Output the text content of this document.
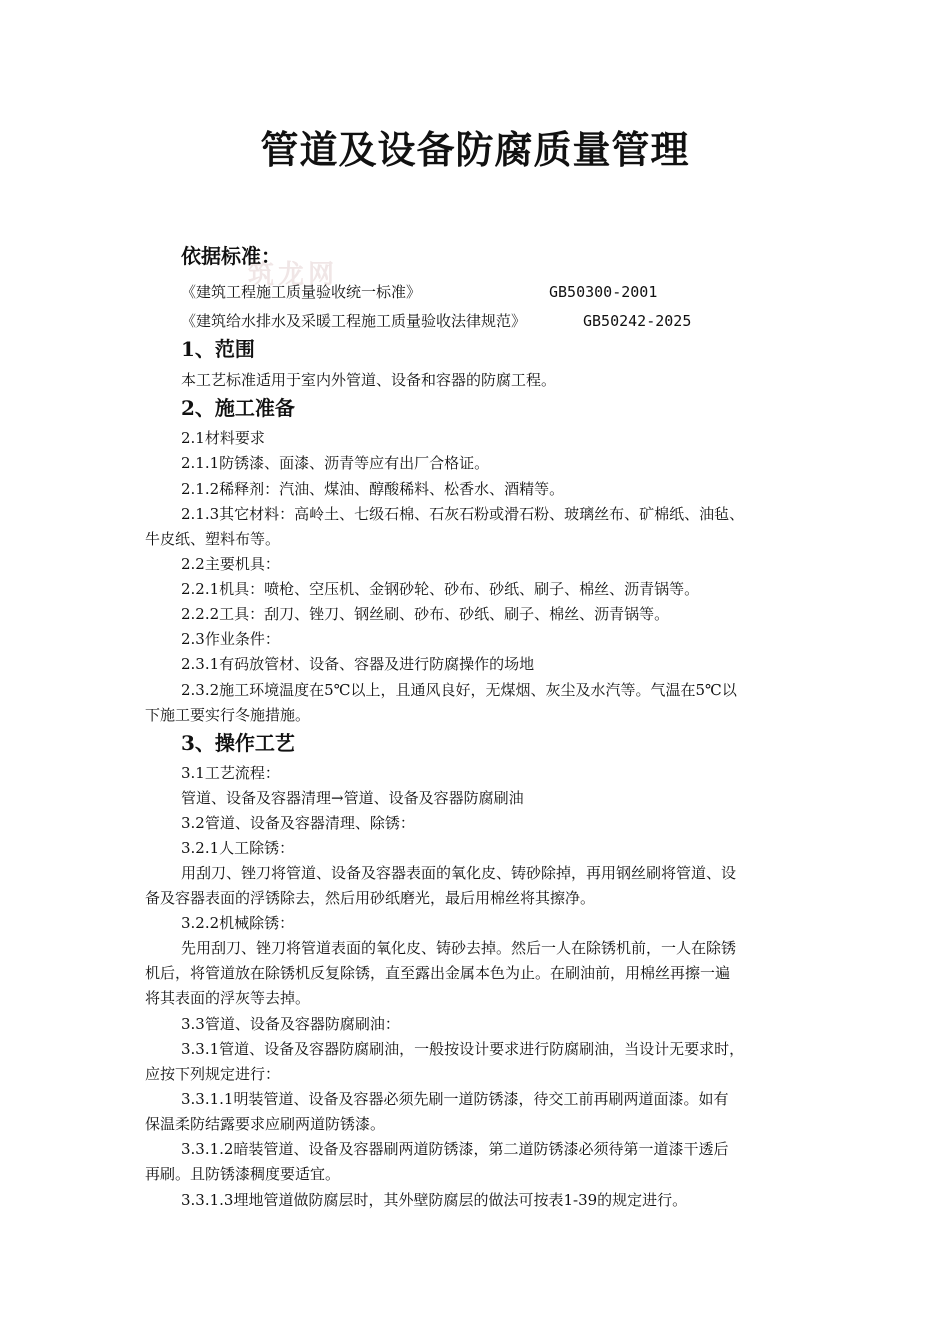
管道及设备防腐质量管理
筑龙网
依据标准：
《建筑工程施工质量验收统一标准》	GB50300-2001
《建筑给水排水及采暖工程施工质量验收法律规范》	GB50242-2025
1、范围
本工艺标准适用于室内外管道、设备和容器的防腐工程。
2、施工准备
2.1材料要求
2.1.1防锈漆、面漆、沥青等应有出厂合格证。
2.1.2稀释剂：汽油、煤油、醇酸稀料、松香水、酒精等。
2.1.3其它材料：高岭土、七级石棉、石灰石粉或滑石粉、玻璃丝布、矿棉纸、油毡、
牛皮纸、塑料布等。
2.2主要机具：
2.2.1机具：喷枪、空压机、金钢砂轮、砂布、砂纸、刷子、棉丝、沥青锅等。
2.2.2工具：刮刀、锉刀、钢丝刷、砂布、砂纸、刷子、棉丝、沥青锅等。
2.3作业条件：
2.3.1有码放管材、设备、容器及进行防腐操作的场地
2.3.2施工环境温度在5℃以上，且通风良好，无煤烟、灰尘及水汽等。气温在5℃以
下施工要实行冬施措施。
3、操作工艺
3.1工艺流程：
管道、设备及容器清理→管道、设备及容器防腐刷油
3.2管道、设备及容器清理、除锈：
3.2.1人工除锈：
用刮刀、锉刀将管道、设备及容器表面的氧化皮、铸砂除掉，再用钢丝刷将管道、设
备及容器表面的浮锈除去，然后用砂纸磨光，最后用棉丝将其擦净。
3.2.2机械除锈：
先用刮刀、锉刀将管道表面的氧化皮、铸砂去掉。然后一人在除锈机前，一人在除锈
机后，将管道放在除锈机反复除锈，直至露出金属本色为止。在刷油前，用棉丝再擦一遍
将其表面的浮灰等去掉。
3.3管道、设备及容器防腐刷油：
3.3.1管道、设备及容器防腐刷油，一般按设计要求进行防腐刷油，当设计无要求时，
应按下列规定进行：
3.3.1.1明装管道、设备及容器必须先刷一道防锈漆，待交工前再刷两道面漆。如有
保温柔防结露要求应刷两道防锈漆。
3.3.1.2暗装管道、设备及容器刷两道防锈漆，第二道防锈漆必须待第一道漆干透后
再刷。且防锈漆稠度要适宜。
3.3.1.3埋地管道做防腐层时，其外壁防腐层的做法可按表1-39的规定进行。
